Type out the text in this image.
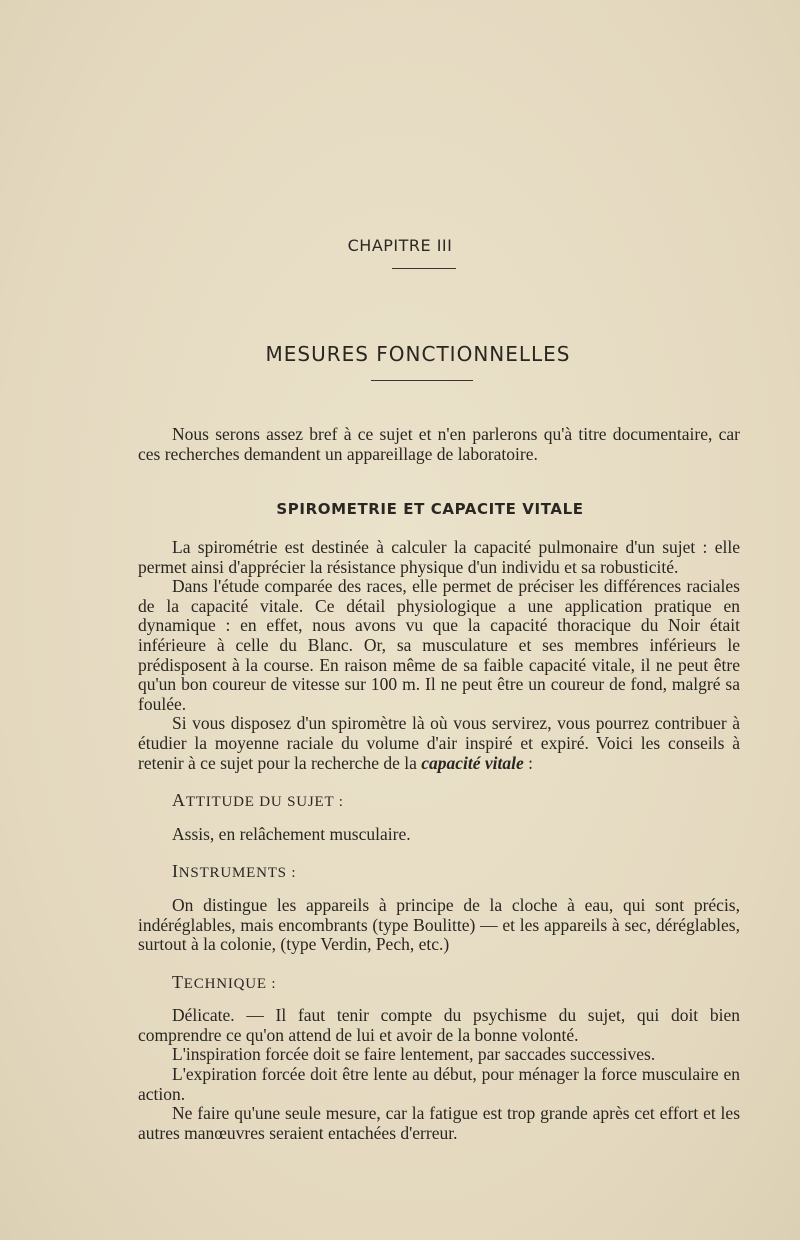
CHAPITRE III
MESURES FONCTIONNELLES

Nous serons assez bref à ce sujet et n'en parlerons qu'à titre documentaire, car ces recherches demandent un appareillage de laboratoire.

SPIROMETRIE ET CAPACITE VITALE

La spirométrie est destinée à calculer la capacité pulmonaire d'un sujet : elle permet ainsi d'apprécier la résistance physique d'un individu et sa robusticité.

Dans l'étude comparée des races, elle permet de préciser les différences raciales de la capacité vitale. Ce détail physiologique a une application pratique en dynamique : en effet, nous avons vu que la capacité thoracique du Noir était inférieure à celle du Blanc. Or, sa musculature et ses membres inférieurs le prédisposent à la course. En raison même de sa faible capacité vitale, il ne peut être qu'un bon coureur de vitesse sur 100 m. Il ne peut être un coureur de fond, malgré sa foulée.

Si vous disposez d'un spiromètre là où vous servirez, vous pourrez contribuer à étudier la moyenne raciale du volume d'air inspiré et expiré. Voici les conseils à retenir à ce sujet pour la recherche de la capacité vitale :

ATTITUDE DU SUJET :

Assis, en relâchement musculaire.

INSTRUMENTS :

On distingue les appareils à principe de la cloche à eau, qui sont précis, indéréglables, mais encombrants (type Boulitte) — et les appareils à sec, déréglables, surtout à la colonie, (type Verdin, Pech, etc.)

TECHNIQUE :

Délicate. — Il faut tenir compte du psychisme du sujet, qui doit bien comprendre ce qu'on attend de lui et avoir de la bonne volonté.

L'inspiration forcée doit se faire lentement, par saccades successives.

L'expiration forcée doit être lente au début, pour ménager la force musculaire en action.

Ne faire qu'une seule mesure, car la fatigue est trop grande après cet effort et les autres manœuvres seraient entachées d'erreur.
